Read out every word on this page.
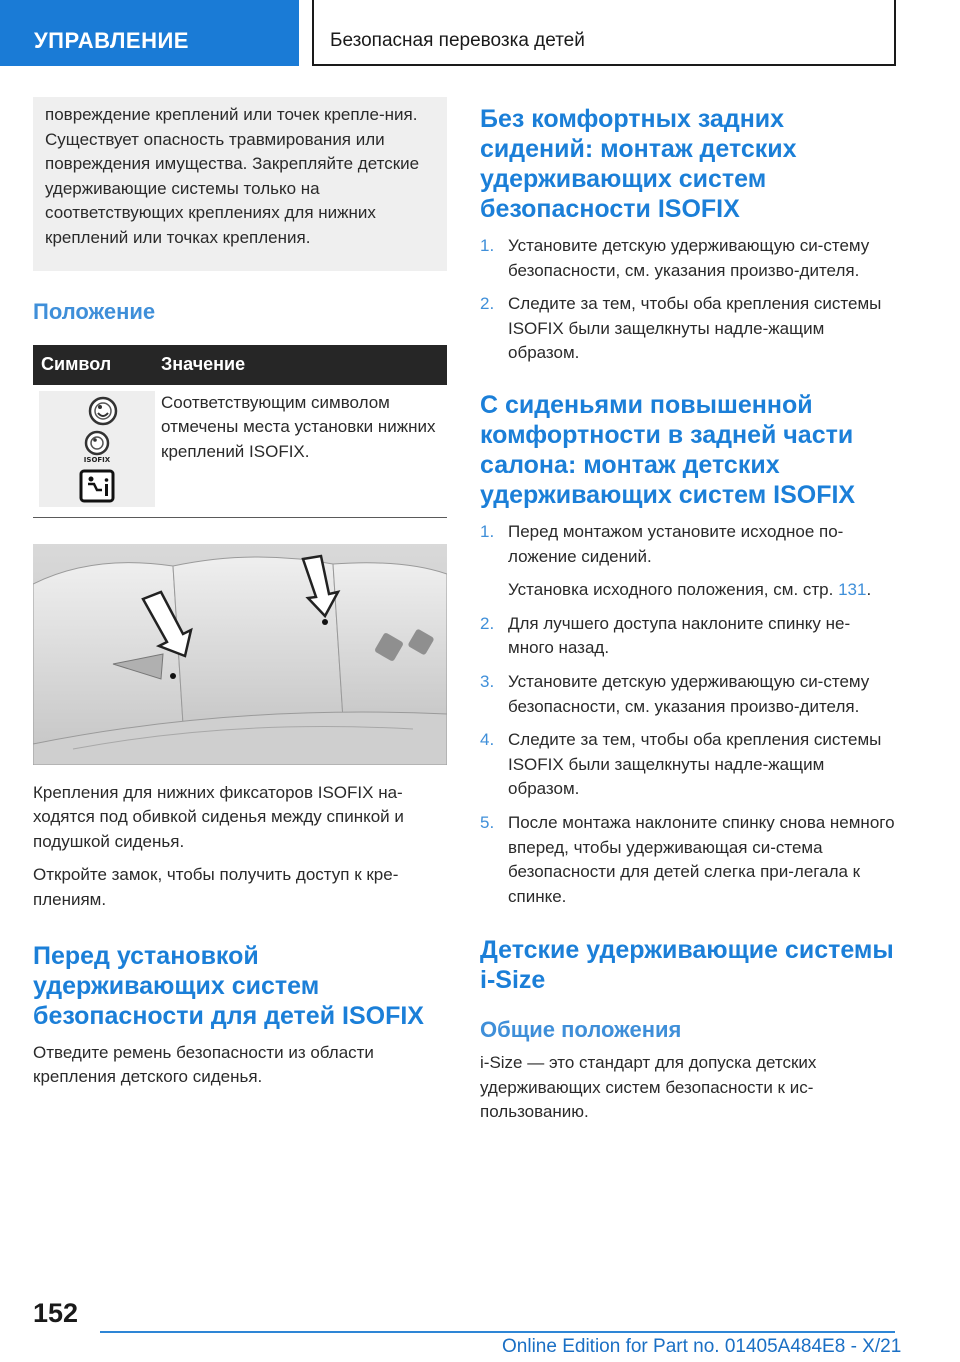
УПРАВЛЕНИЕ	Безопасная перевозка детей

повреждение креплений или точек крепле-ния. Существует опасность травмирования или повреждения имущества. Закрепляйте детские удерживающие системы только на соответствующих креплениях для нижних креплений или точках крепления.

Положение
Символ	Значение
ISOFIX

Соответствующим символом отмечены места установки нижних креплений ISOFIX.

Крепления для нижних фиксаторов ISOFIX на-ходятся под обивкой сиденья между спинкой и подушкой сиденья.

Откройте замок, чтобы получить доступ к кре-плениям.

Перед установкой удерживающих систем безопасности для детей ISOFIX

Отведите ремень безопасности из области крепления детского сиденья.

Без комфортных задних сидений: монтаж детских удерживающих систем безопасности ISOFIX
1. Установите детскую удерживающую си-стему безопасности, см. указания произво-дителя.
2. Следите за тем, чтобы оба крепления системы ISOFIX были защелкнуты надле-жащим образом.
С сиденьями повышенной комфортности в задней части салона: монтаж детских удерживающих систем ISOFIX
1. Перед монтажом установите исходное по-ложение сидений.
Установка исходного положения, см. стр. 131.
2. Для лучшего доступа наклоните спинку не-много назад.
3. Установите детскую удерживающую си-стему безопасности, см. указания произво-дителя.
4. Следите за тем, чтобы оба крепления системы ISOFIX были защелкнуты надле-жащим образом.
5. После монтажа наклоните спинку снова немного вперед, чтобы удерживающая си-стема безопасности для детей слегка при-легала к спинке.
Детские удерживающие системы i-Size
Общие положения

i-Size — это стандарт для допуска детских удерживающих систем безопасности к ис-пользованию.

152
Online Edition for Part no. 01405A484E8 - X/21
